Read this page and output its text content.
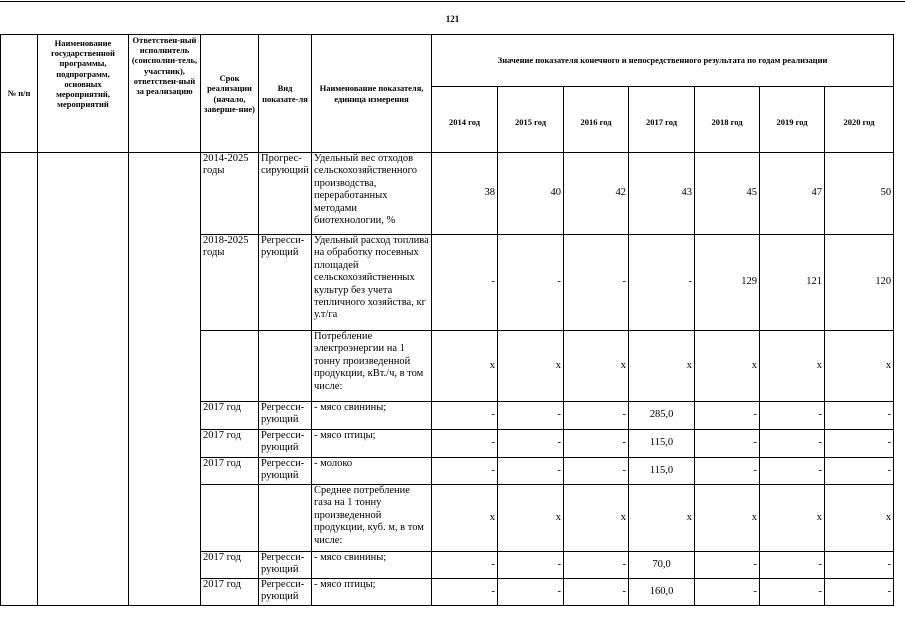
121
№ п/п	Наименование государственной программы, подпрограмм, основных мероприятий, мероприятий	Ответствен-ный исполнитель (соисполни-тель, участник), ответствен-ный за реализацию	Срок реализации (начало, заверше-ние)	Вид показате-ля	Наименование показателя, единица измерения	Значение показателя конечного и непосредственного результата по годам реализации						
						2014 год	2015 год	2016 год	2017 год	2018 год	2019 год	2020 год
			2014-2025 годы	Прогрес-сирующий	Удельный вес отходов сельскохозяйственного производства, переработанных методами биотехнологии, %	38	40	42	43	45	47	50
			2018-2025 годы	Регресси-рующий	Удельный расход топлива на обработку посевных площадей сельскохозяйственных культур без учета тепличного хозяйства, кг у.т/га	-	-	-	-	129	121	120
					Потребление электроэнергии на 1 тонну произведенной продукции, кВт./ч, в том числе:	x	x	x	x	x	x	x
			2017 год	Регресси-рующий	- мясо свинины;	-	-	-	285,0	-	-	-
			2017 год	Регресси-рующий	- мясо птицы;	-	-	-	115,0	-	-	-
			2017 год	Регресси-рующий	- молоко	-	-	-	115,0	-	-	-
					Среднее потребление газа на 1 тонну произведенной продукции, куб. м, в том числе:	x	x	x	x	x	x	x
			2017 год	Регресси-рующий	- мясо свинины;	-	-	-	70,0	-	-	-
			2017 год	Регресси-рующий	- мясо птицы;	-	-	-	160,0	-	-	-
